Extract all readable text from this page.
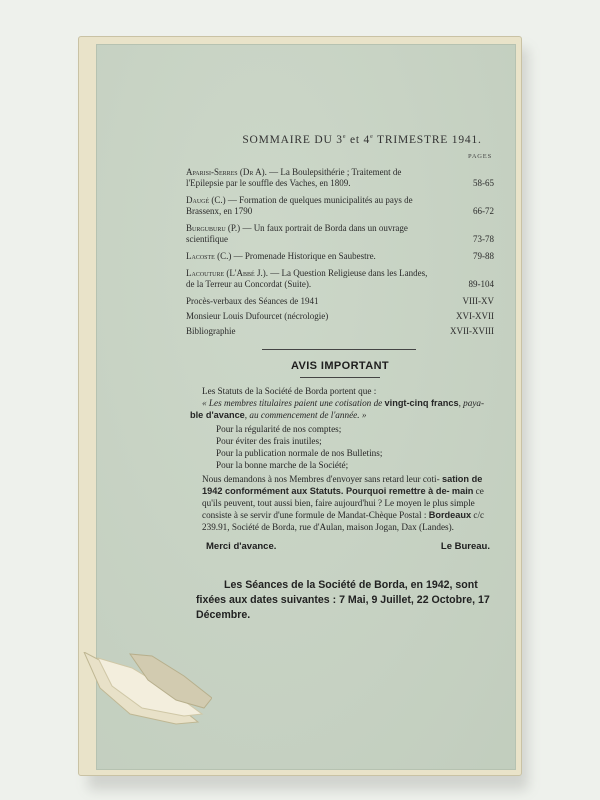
SOMMAIRE DU 3e et 4e TRIMESTRE 1941.
PAGES
Aparisi-Serres (Dr A). — La Boulepsithérie ; Traitement de l'Epilepsie par le souffle des Vaches, en 1809.	58-65
Daugé (C.) — Formation de quelques municipalités au pays de Brassenx, en 1790	66-72
Burguburu (P.) — Un faux portrait de Borda dans un ouvrage scientifique	73-78
Lacoste (C.) — Promenade Historique en Saubestre.	79-88
Lacouture (L'Abbé J.). — La Question Religieuse dans les Landes, de la Terreur au Concordat (Suite).	89-104
Procès-verbaux des Séances de 1941	VIII-XV
Monsieur Louis Dufourcet (nécrologie)	XVI-XVII
Bibliographie	XVII-XVIII
AVIS IMPORTANT

Les Statuts de la Société de Borda portent que :

« Les membres titulaires paient une cotisation de vingt-cinq francs, paya-

ble d'avance, au commencement de l'année. »

Pour la régularité de nos comptes;
Pour éviter des frais inutiles;
Pour la publication normale de nos Bulletins;
Pour la bonne marche de la Société;

Nous demandons à nos Membres d'envoyer sans retard leur coti- sation de 1942 conformément aux Statuts. Pourquoi remettre à de- main ce qu'ils peuvent, tout aussi bien, faire aujourd'hui ? Le moyen le plus simple consiste à se servir d'une formule de Mandat-Chèque Postal : Bordeaux c/c 239.91, Société de Borda, rue d'Aulan, maison Jogan, Dax (Landes).

Merci d'avance.	Le Bureau.
Les Séances de la Société de Borda, en 1942, sont fixées aux dates suivantes : 7 Mai, 9 Juillet, 22 Octobre, 17 Décembre.
